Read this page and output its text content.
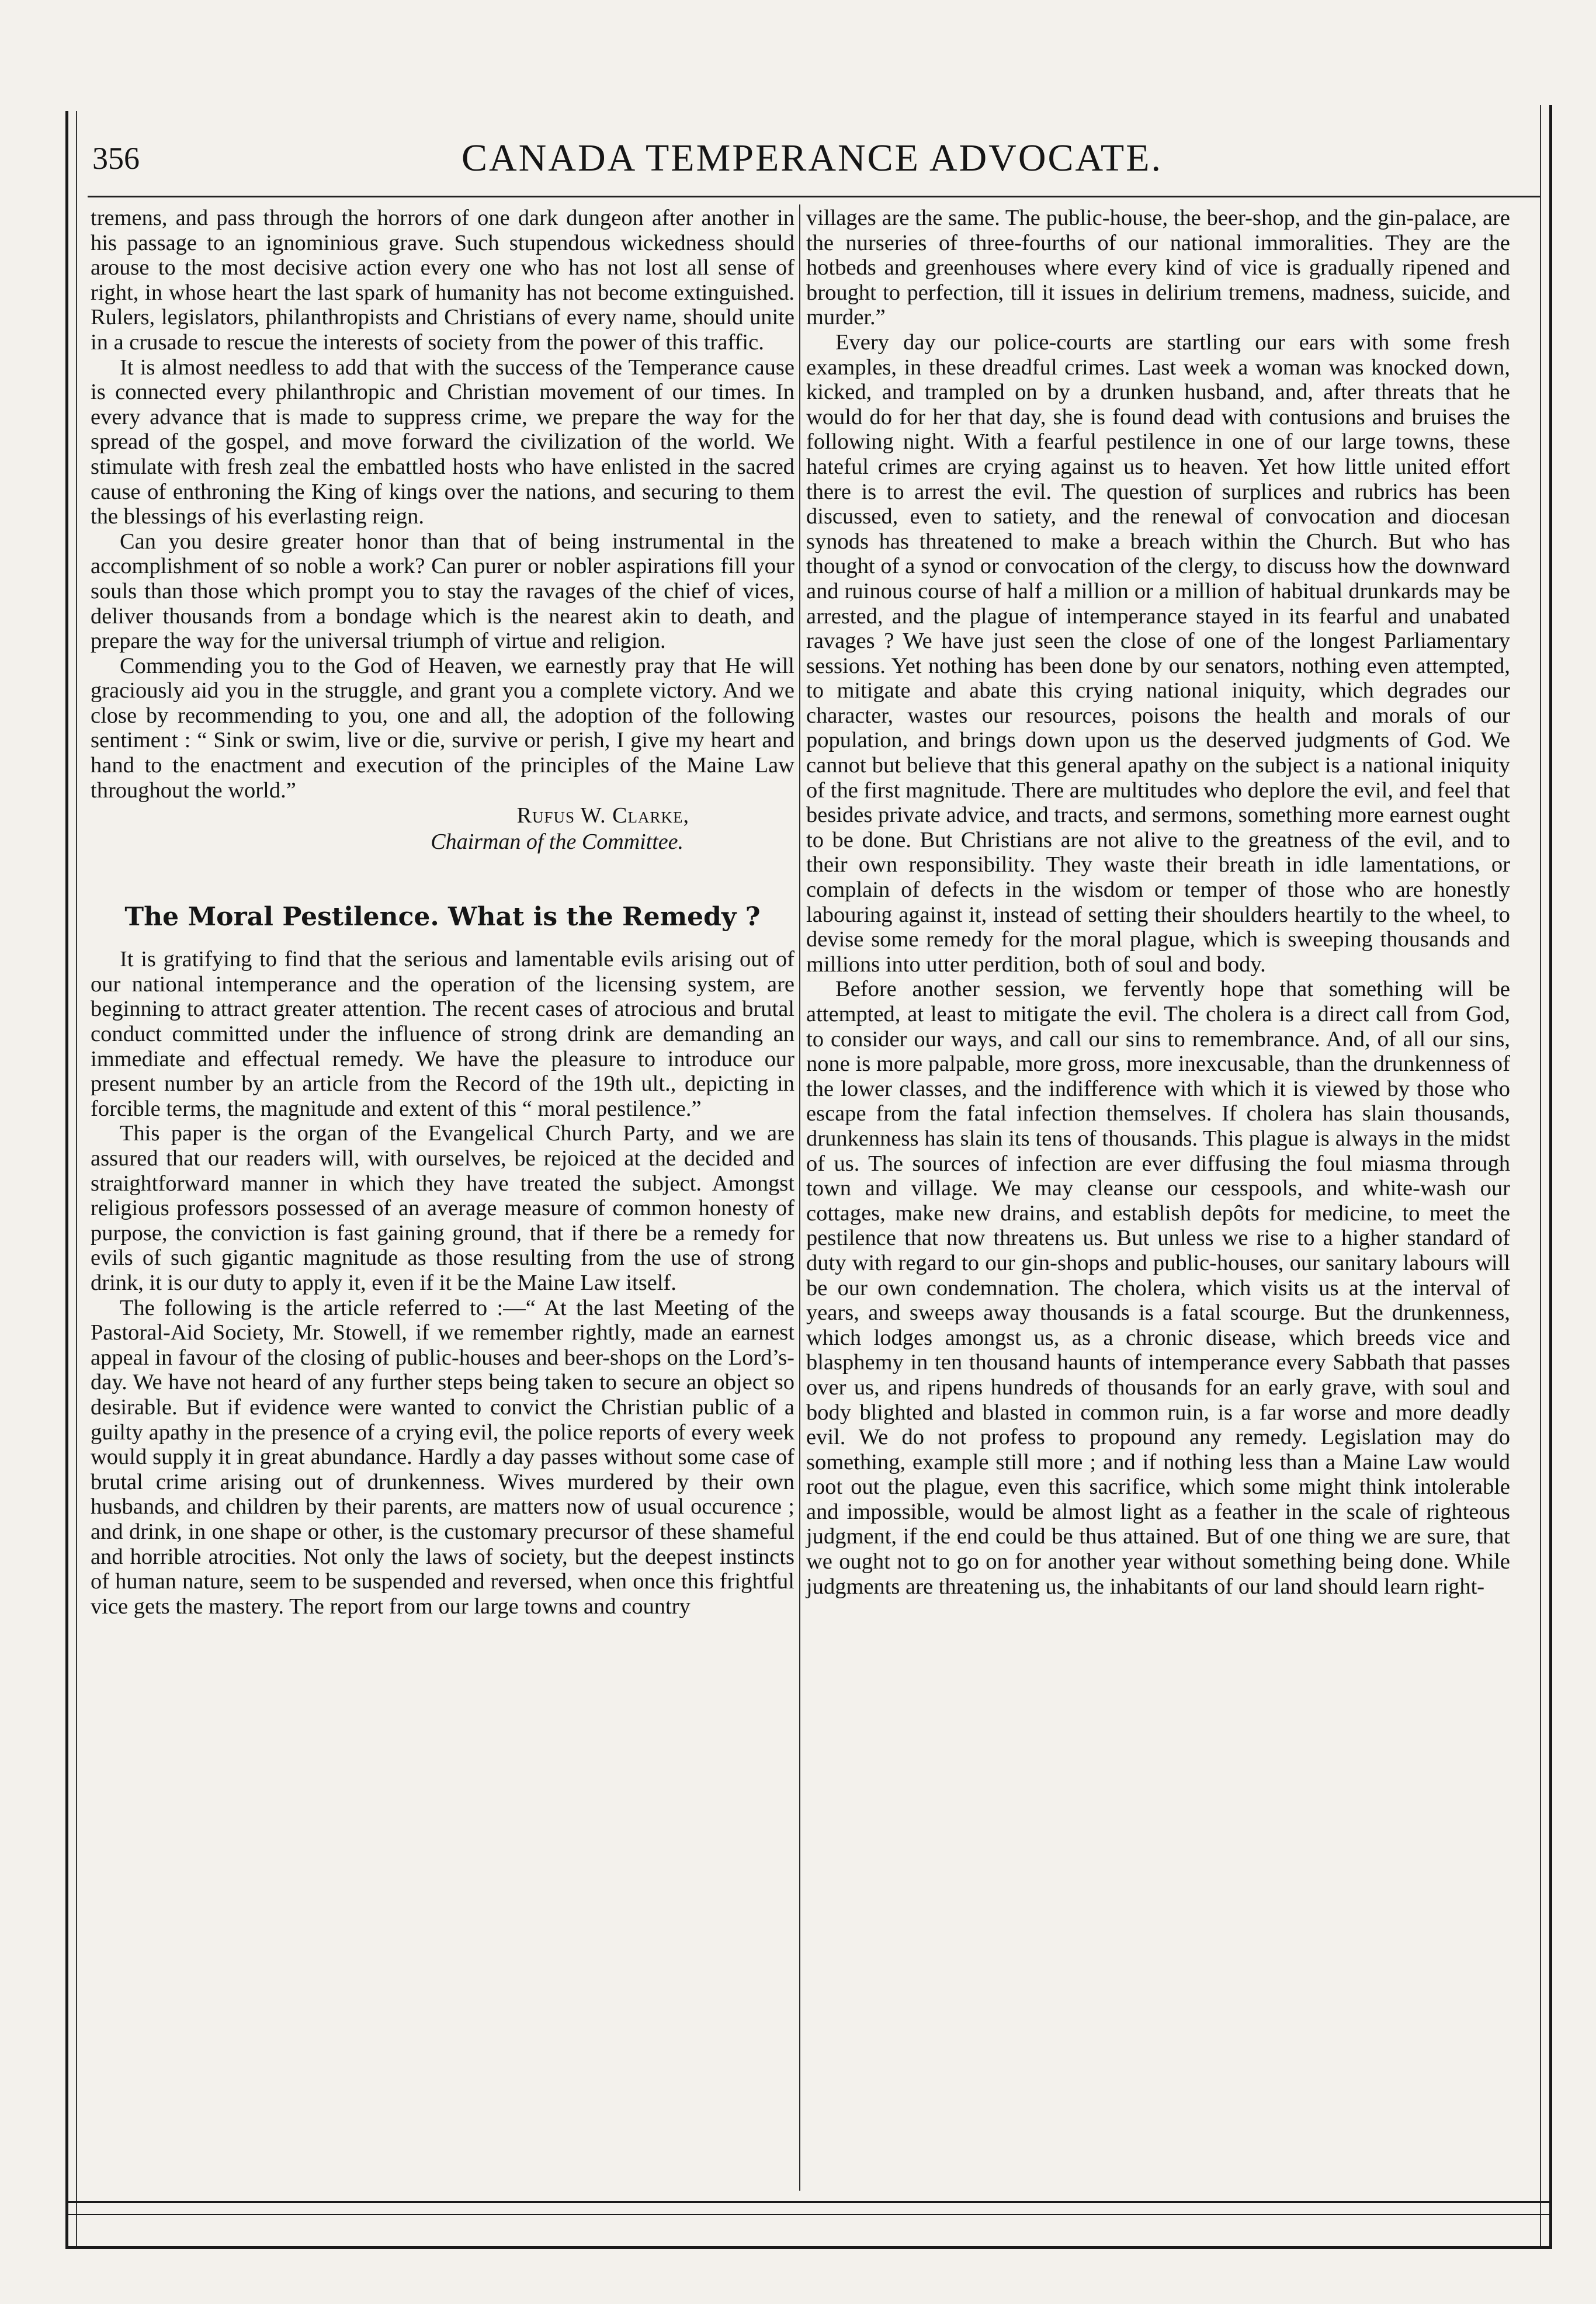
356	CANADA TEMPERANCE ADVOCATE.

tremens, and pass through the horrors of one dark dungeon after another in his passage to an ignominious grave. Such stupendous wickedness should arouse to the most decisive action every one who has not lost all sense of right, in whose heart the last spark of humanity has not become extinguished. Rulers, legislators, philanthropists and Christians of every name, should unite in a crusade to rescue the interests of society from the power of this traffic.

It is almost needless to add that with the success of the Temperance cause is connected every philanthropic and Christian movement of our times. In every advance that is made to suppress crime, we prepare the way for the spread of the gospel, and move forward the civilization of the world. We stimulate with fresh zeal the embattled hosts who have enlisted in the sacred cause of enthroning the King of kings over the nations, and securing to them the blessings of his everlasting reign.

Can you desire greater honor than that of being instrumental in the accomplishment of so noble a work? Can purer or nobler aspirations fill your souls than those which prompt you to stay the ravages of the chief of vices, deliver thousands from a bondage which is the nearest akin to death, and prepare the way for the universal triumph of virtue and religion.

Commending you to the God of Heaven, we earnestly pray that He will graciously aid you in the struggle, and grant you a complete victory. And we close by recommending to you, one and all, the adoption of the following sentiment : “ Sink or swim, live or die, survive or perish, I give my heart and hand to the enactment and execution of the principles of the Maine Law throughout the world.”

Rufus W. Clarke,
Chairman of the Committee.
The Moral Pestilence. What is the Remedy ?

It is gratifying to find that the serious and lamentable evils arising out of our national intemperance and the operation of the licensing system, are beginning to attract greater attention. The recent cases of atrocious and brutal conduct committed under the influence of strong drink are demanding an immediate and effectual remedy. We have the pleasure to introduce our present number by an article from the Record of the 19th ult., depicting in forcible terms, the magnitude and extent of this “ moral pestilence.”

This paper is the organ of the Evangelical Church Party, and we are assured that our readers will, with ourselves, be rejoiced at the decided and straightforward manner in which they have treated the subject. Amongst religious professors possessed of an average measure of common honesty of purpose, the conviction is fast gaining ground, that if there be a remedy for evils of such gigantic magnitude as those resulting from the use of strong drink, it is our duty to apply it, even if it be the Maine Law itself.

The following is the article referred to :—“ At the last Meeting of the Pastoral-Aid Society, Mr. Stowell, if we remember rightly, made an earnest appeal in favour of the closing of public-houses and beer-shops on the Lord’s-day. We have not heard of any further steps being taken to secure an object so desirable. But if evidence were wanted to convict the Christian public of a guilty apathy in the presence of a crying evil, the police reports of every week would supply it in great abundance. Hardly a day passes without some case of brutal crime arising out of drunkenness. Wives murdered by their own husbands, and children by their parents, are matters now of usual occurence ; and drink, in one shape or other, is the customary precursor of these shameful and horrible atrocities. Not only the laws of society, but the deepest instincts of human nature, seem to be suspended and reversed, when once this frightful vice gets the mastery. The report from our large towns and country

villages are the same. The public-house, the beer-shop, and the gin-palace, are the nurseries of three-fourths of our national immoralities. They are the hotbeds and greenhouses where every kind of vice is gradually ripened and brought to perfection, till it issues in delirium tremens, madness, suicide, and murder.”

Every day our police-courts are startling our ears with some fresh examples, in these dreadful crimes. Last week a woman was knocked down, kicked, and trampled on by a drunken husband, and, after threats that he would do for her that day, she is found dead with contusions and bruises the following night. With a fearful pestilence in one of our large towns, these hateful crimes are crying against us to heaven. Yet how little united effort there is to arrest the evil. The question of surplices and rubrics has been discussed, even to satiety, and the renewal of convocation and diocesan synods has threatened to make a breach within the Church. But who has thought of a synod or convocation of the clergy, to discuss how the downward and ruinous course of half a million or a million of habitual drunkards may be arrested, and the plague of intemperance stayed in its fearful and unabated ravages ? We have just seen the close of one of the longest Parliamentary sessions. Yet nothing has been done by our senators, nothing even attempted, to mitigate and abate this crying national iniquity, which degrades our character, wastes our resources, poisons the health and morals of our population, and brings down upon us the deserved judgments of God. We cannot but believe that this general apathy on the subject is a national iniquity of the first magnitude. There are multitudes who deplore the evil, and feel that besides private advice, and tracts, and sermons, something more earnest ought to be done. But Christians are not alive to the greatness of the evil, and to their own responsibility. They waste their breath in idle lamentations, or complain of defects in the wisdom or temper of those who are honestly labouring against it, instead of setting their shoulders heartily to the wheel, to devise some remedy for the moral plague, which is sweeping thousands and millions into utter perdition, both of soul and body.

Before another session, we fervently hope that something will be attempted, at least to mitigate the evil. The cholera is a direct call from God, to consider our ways, and call our sins to remembrance. And, of all our sins, none is more palpable, more gross, more inexcusable, than the drunkenness of the lower classes, and the indifference with which it is viewed by those who escape from the fatal infection themselves. If cholera has slain thousands, drunkenness has slain its tens of thousands. This plague is always in the midst of us. The sources of infection are ever diffusing the foul miasma through town and village. We may cleanse our cesspools, and white-wash our cottages, make new drains, and establish depôts for medicine, to meet the pestilence that now threatens us. But unless we rise to a higher standard of duty with regard to our gin-shops and public-houses, our sanitary labours will be our own condemnation. The cholera, which visits us at the interval of years, and sweeps away thousands is a fatal scourge. But the drunkenness, which lodges amongst us, as a chronic disease, which breeds vice and blasphemy in ten thousand haunts of intemperance every Sabbath that passes over us, and ripens hundreds of thousands for an early grave, with soul and body blighted and blasted in common ruin, is a far worse and more deadly evil. We do not profess to propound any remedy. Legislation may do something, example still more ; and if nothing less than a Maine Law would root out the plague, even this sacrifice, which some might think intolerable and impossible, would be almost light as a feather in the scale of righteous judgment, if the end could be thus attained. But of one thing we are sure, that we ought not to go on for another year without something being done. While judgments are threatening us, the inhabitants of our land should learn right-
